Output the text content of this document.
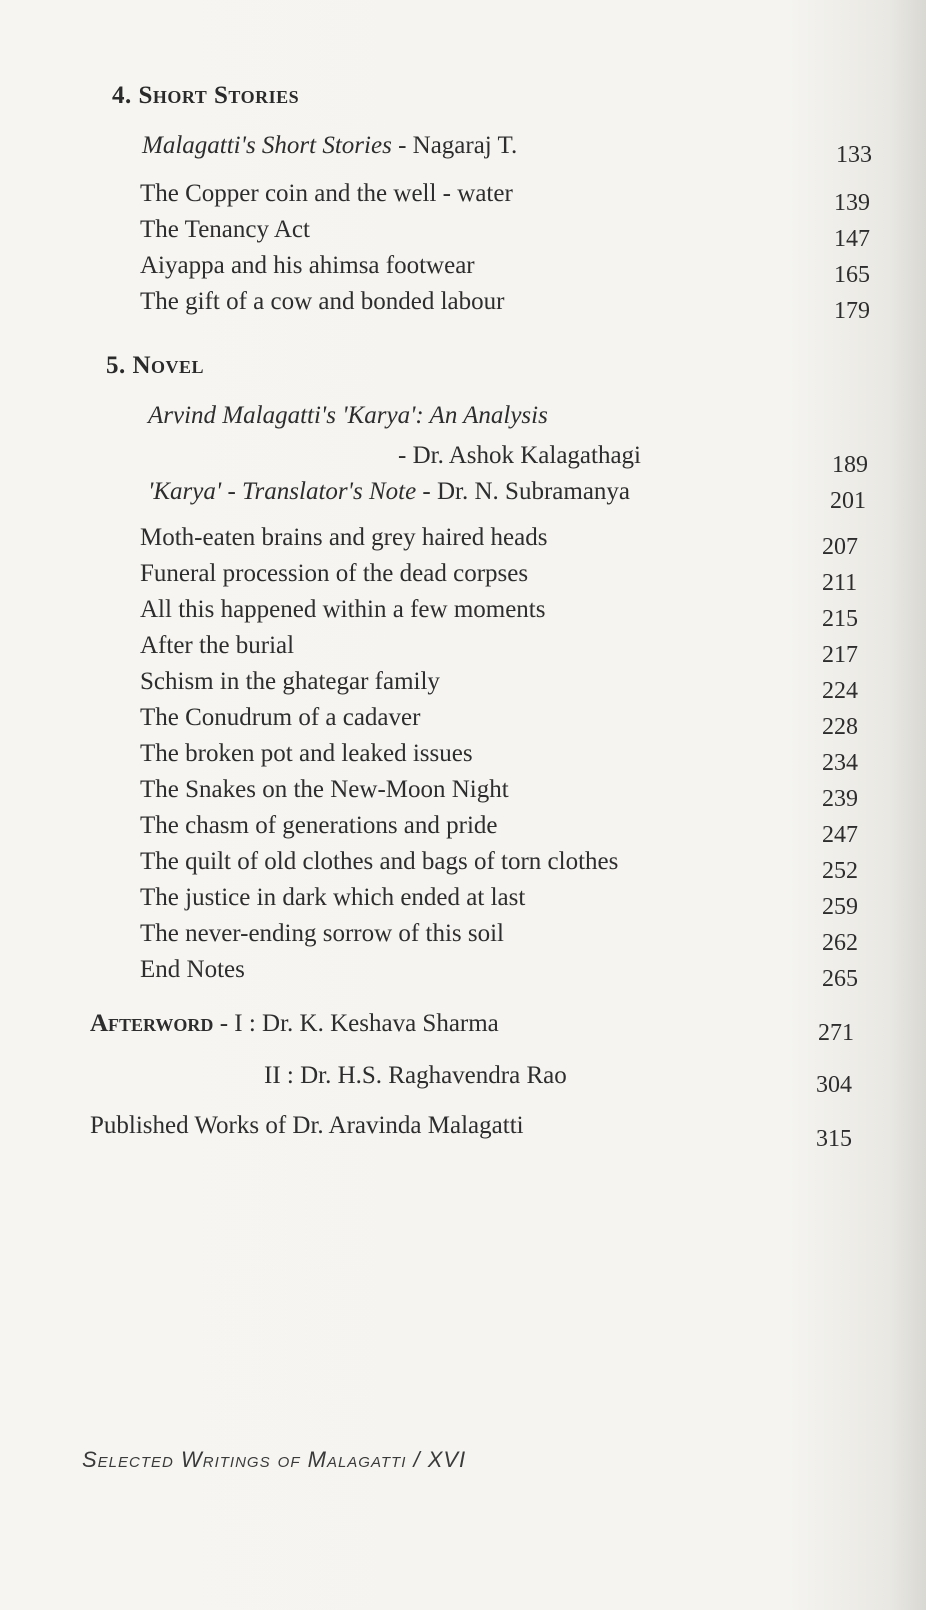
4. Short Stories
Malagatti's Short Stories - Nagaraj T.	133
The Copper coin and the well - water	139
The Tenancy Act	147
Aiyappa and his ahimsa footwear	165
The gift of a cow and bonded labour	179
5. Novel
Arvind Malagatti's 'Karya': An Analysis
- Dr. Ashok Kalagathagi	189
'Karya' - Translator's Note - Dr. N. Subramanya	201
Moth-eaten brains and grey haired heads	207
Funeral procession of the dead corpses	211
All this happened within a few moments	215
After the burial	217
Schism in the ghategar family	224
The Conudrum of a cadaver	228
The broken pot and leaked issues	234
The Snakes on the New-Moon Night	239
The chasm of generations and pride	247
The quilt of old clothes and bags of torn clothes	252
The justice in dark which ended at last	259
The never-ending sorrow of this soil	262
End Notes	265
Afterword - I : Dr. K. Keshava Sharma	271
II : Dr. H.S. Raghavendra Rao	304
Published Works of Dr. Aravinda Malagatti	315
Selected Writings of Malagatti / XVI
